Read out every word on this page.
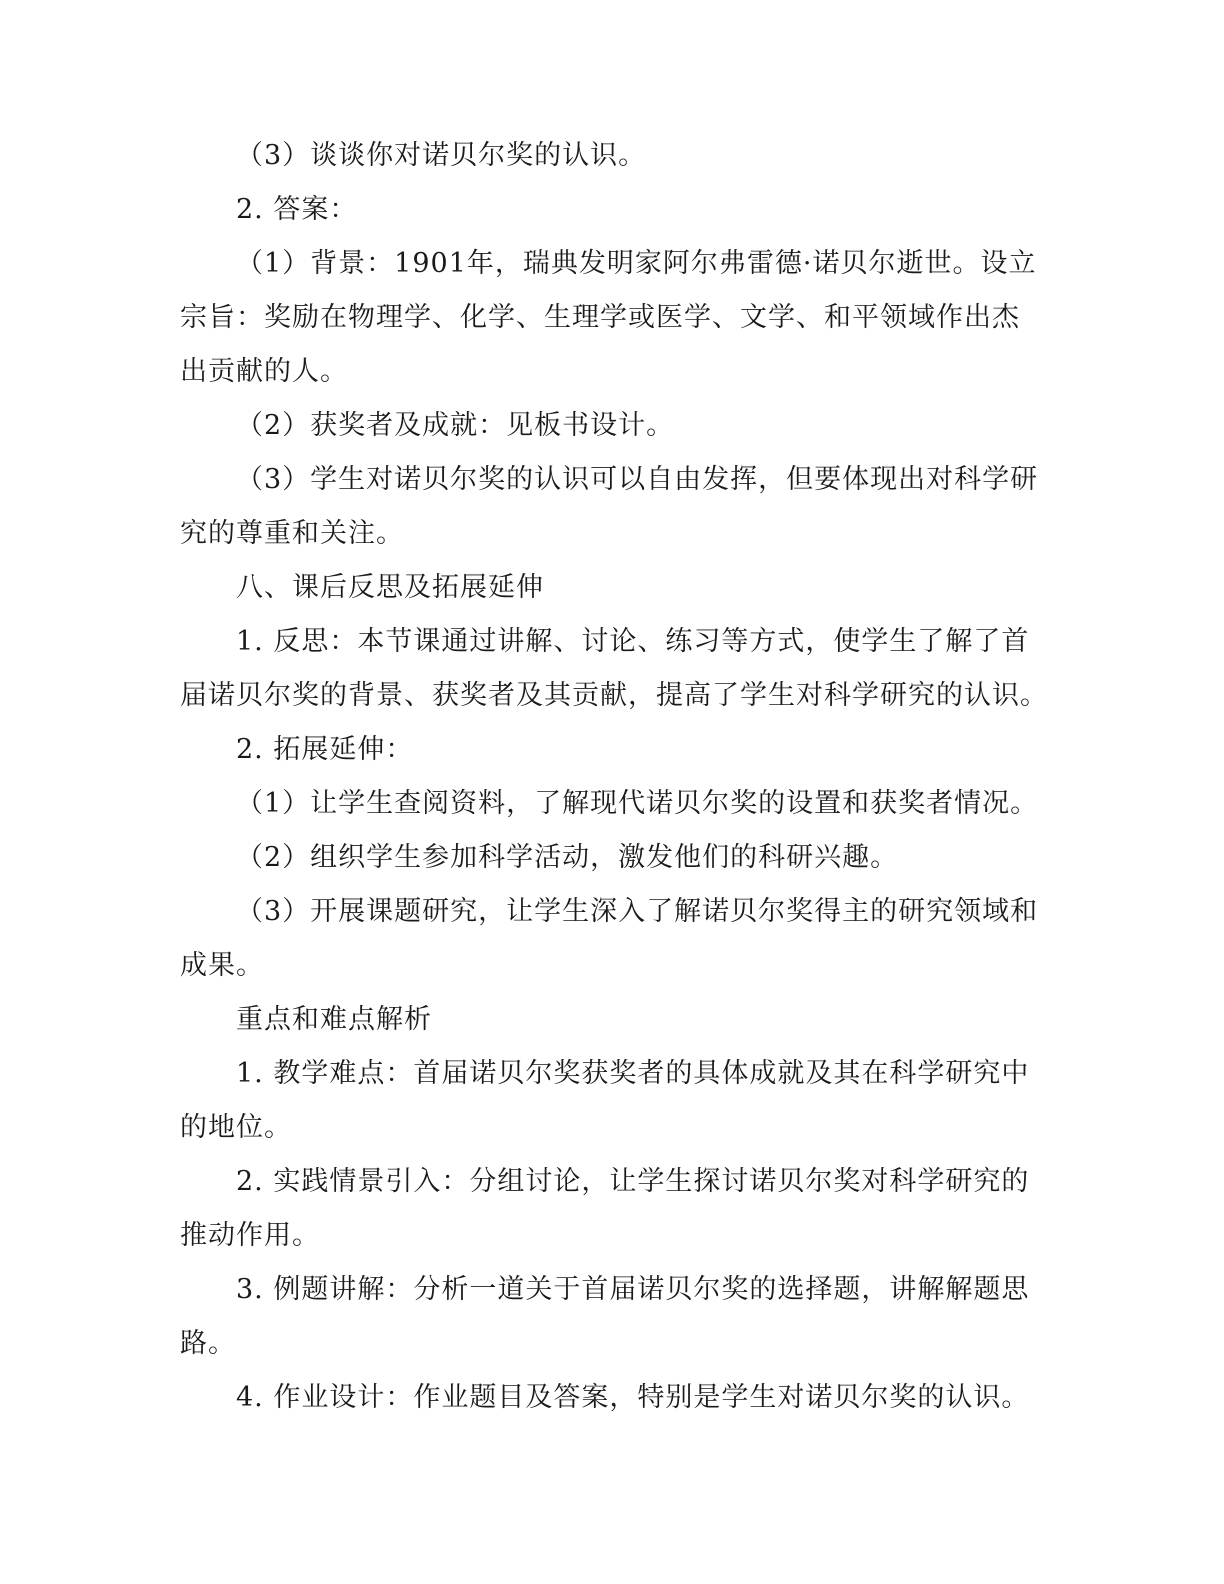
（3）谈谈你对诺贝尔奖的认识。
2. 答案：
（1）背景：1901年，瑞典发明家阿尔弗雷德·诺贝尔逝世。设立
宗旨：奖励在物理学、化学、生理学或医学、文学、和平领域作出杰
出贡献的人。
（2）获奖者及成就：见板书设计。
（3）学生对诺贝尔奖的认识可以自由发挥，但要体现出对科学研
究的尊重和关注。
八、课后反思及拓展延伸
1. 反思：本节课通过讲解、讨论、练习等方式，使学生了解了首
届诺贝尔奖的背景、获奖者及其贡献，提高了学生对科学研究的认识。
2. 拓展延伸：
（1）让学生查阅资料，了解现代诺贝尔奖的设置和获奖者情况。
（2）组织学生参加科学活动，激发他们的科研兴趣。
（3）开展课题研究，让学生深入了解诺贝尔奖得主的研究领域和
成果。
重点和难点解析
1. 教学难点：首届诺贝尔奖获奖者的具体成就及其在科学研究中
的地位。
2. 实践情景引入：分组讨论，让学生探讨诺贝尔奖对科学研究的
推动作用。
3. 例题讲解：分析一道关于首届诺贝尔奖的选择题，讲解解题思
路。
4. 作业设计：作业题目及答案，特别是学生对诺贝尔奖的认识。
